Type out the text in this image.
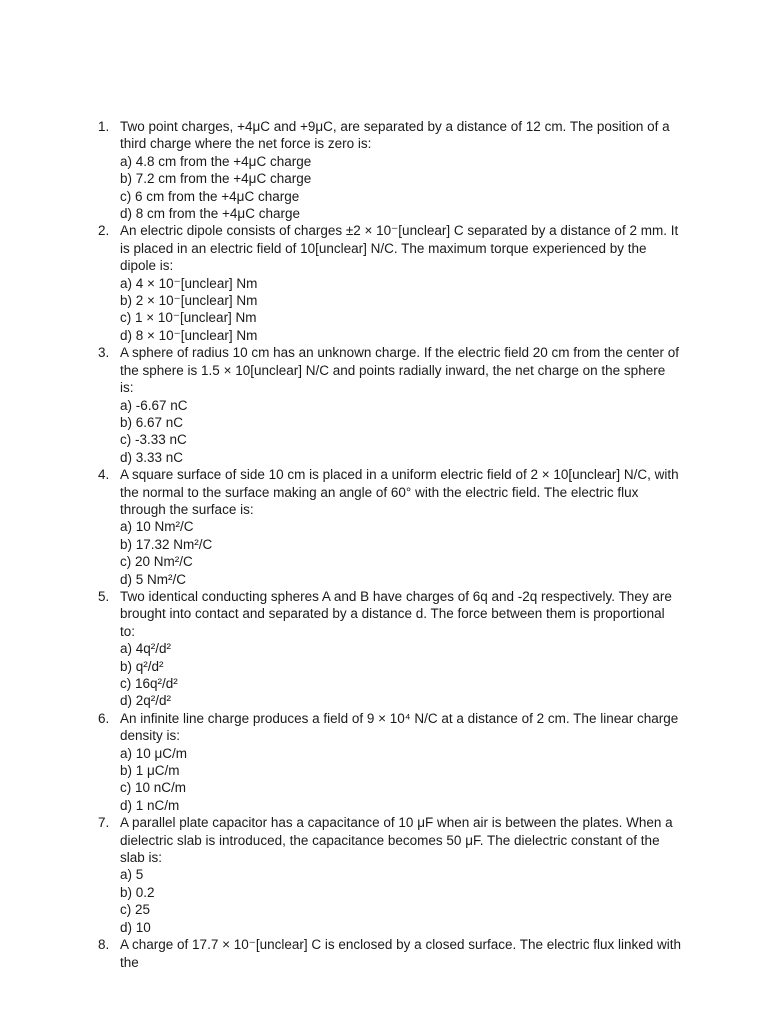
1. Two point charges, +4μC and +9μC, are separated by a distance of 12 cm. The position of a third charge where the net force is zero is:
a) 4.8 cm from the +4μC charge
b) 7.2 cm from the +4μC charge
c) 6 cm from the +4μC charge
d) 8 cm from the +4μC charge
2. An electric dipole consists of charges ±2 × 10⁻[unclear] C separated by a distance of 2 mm. It is placed in an electric field of 10[unclear] N/C. The maximum torque experienced by the dipole is:
a) 4 × 10⁻[unclear] Nm
b) 2 × 10⁻[unclear] Nm
c) 1 × 10⁻[unclear] Nm
d) 8 × 10⁻[unclear] Nm
3. A sphere of radius 10 cm has an unknown charge. If the electric field 20 cm from the center of the sphere is 1.5 × 10[unclear] N/C and points radially inward, the net charge on the sphere is:
a) -6.67 nC
b) 6.67 nC
c) -3.33 nC
d) 3.33 nC
4. A square surface of side 10 cm is placed in a uniform electric field of 2 × 10[unclear] N/C, with the normal to the surface making an angle of 60° with the electric field. The electric flux through the surface is:
a) 10 Nm²/C
b) 17.32 Nm²/C
c) 20 Nm²/C
d) 5 Nm²/C
5. Two identical conducting spheres A and B have charges of 6q and -2q respectively. They are brought into contact and separated by a distance d. The force between them is proportional to:
a) 4q²/d²
b) q²/d²
c) 16q²/d²
d) 2q²/d²
6. An infinite line charge produces a field of 9 × 10⁴ N/C at a distance of 2 cm. The linear charge density is:
a) 10 μC/m
b) 1 μC/m
c) 10 nC/m
d) 1 nC/m
7. A parallel plate capacitor has a capacitance of 10 μF when air is between the plates. When a dielectric slab is introduced, the capacitance becomes 50 μF. The dielectric constant of the slab is:
a) 5
b) 0.2
c) 25
d) 10
8. A charge of 17.7 × 10⁻[unclear] C is enclosed by a closed surface. The electric flux linked with the
